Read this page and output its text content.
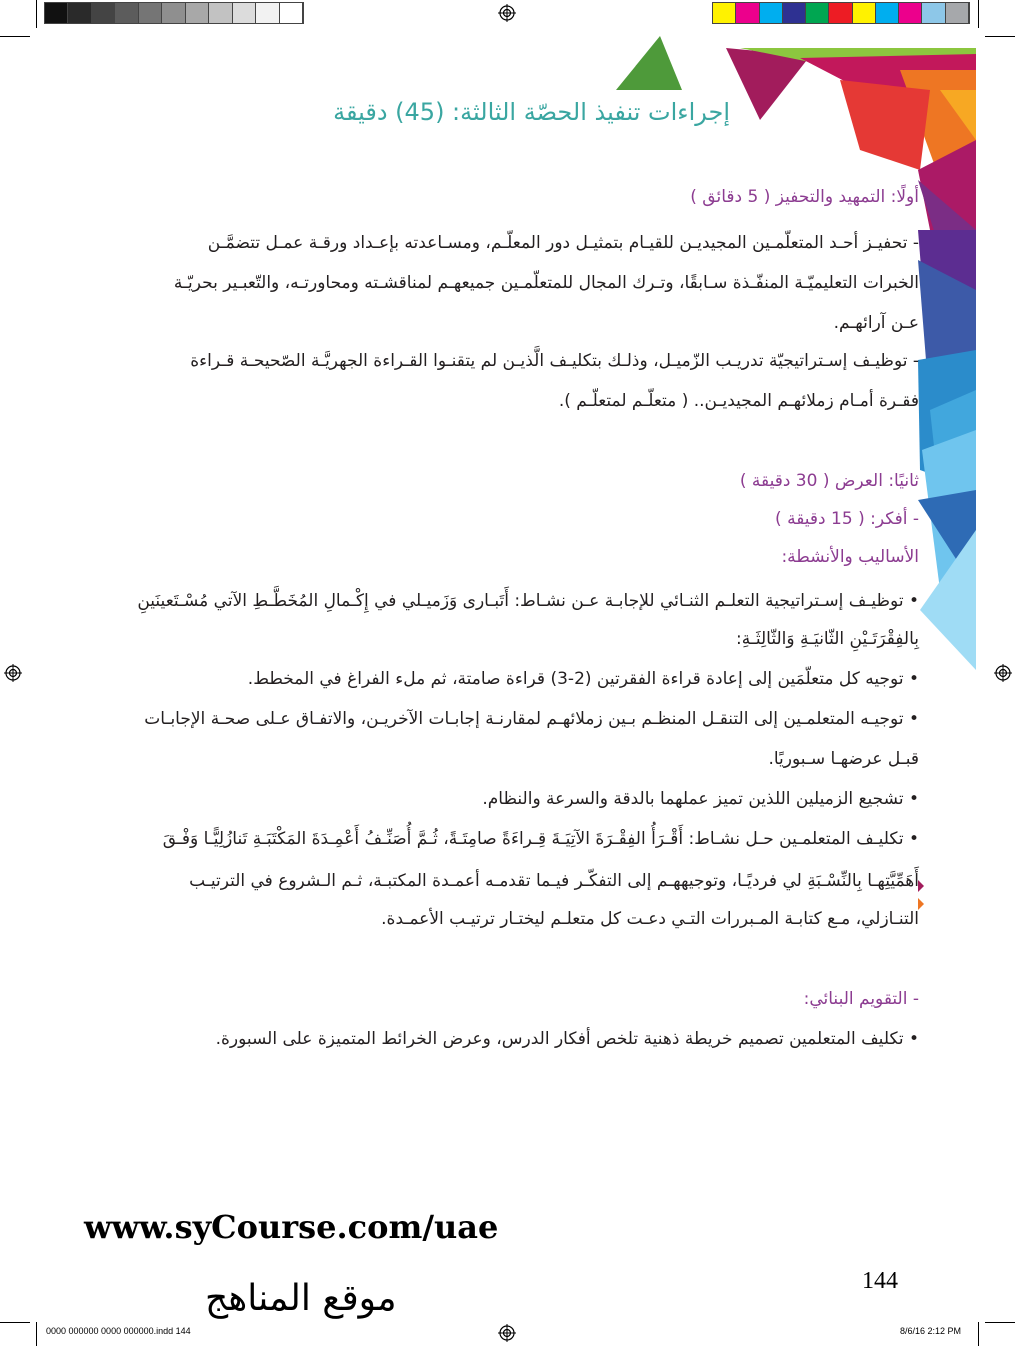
إجراءات تنفيذ الحصّة الثالثة: (45) دقيقة
أولًا: التمهيد والتحفيز ( 5 دقائق )
- تحفيـز أحـد المتعلّمـين المجيديـن للقيـام بتمثيـل دور المعلّـم، ومسـاعدته بإعـداد ورقـة عمـل تتضمَّـن
الخبرات التعليميّـة المنفّـذة سـابقًا، وتـرك المجال للمتعلّمـين جميعهـم لمناقشـته ومحاورتـه، والتّعبـير بحريّـة
عـن آرائهـم.
- توظيـف إسـتراتيجيّة تدريـب الزّميـل، وذلـك بتكليـف الَّذيـن لم يتقنـوا القـراءة الجهريَّـة الصّحيحـة قـراءة
فقـرة أمـام زملائهـم المجيديـن.. ( متعلّـم لمتعلّـم ).
ثانيًا: العرض ( 30 دقيقة )
- أفكر: ( 15 دقيقة )
الأساليب والأنشطة:
• توظيـف إسـتراتيجية التعلـم الثنـائي للإجابـة عـن نشـاط: أَتَبـارى وَزَميـلي في إِكْـمالِ المُخَطَّـطِ الآتي مُسْـتَعينَينِ
بِالفِقْرَتَـيْنِ الثّانيَـةِ وَالثّالِثَـةِ:
• توجيه كل متعلّمَين إلى إعادة قراءة الفقرتين (2-3) قراءة صامتة، ثم ملء الفراغ في المخطط.
• توجيـه المتعلمـين إلى التنقـل المنظـم بـين زملائهـم لمقارنـة إجابـات الآخريـن، والاتفـاق عـلى صحـة الإجابـات
قبـل عرضهـا سـبوريًا.
• تشجيع الزميلين اللذين تميز عملهما بالدقة والسرعة والنظام.
• تكليـف المتعلمـين حـل نشـاط: أَقْـرَأُ الفِقْـرَةَ الآتِيَـةَ قِـراءَةً صامِتَـةً، ثُـمَّ أُصَنِّـفُ أَعْمِـدَةَ المَكْتَبَـةِ تَنازُلِيًّـا وَفْـقَ
أَهَمِّيَّتِهـا بِالنِّسْـبَةِ لي فرديًـا، وتوجيههـم إلى التفكّـر فيـما تقدمـه أعمـدة المكتبـة، ثـم الـشروع في الترتيـب
التنـازلي، مـع كتابـة المـبررات التـي دعـت كل متعلـم ليختـار ترتيـب الأعمـدة.
- التقويم البنائي:
• تكليف المتعلمين تصميم خريطة ذهنية تلخص أفكار الدرس، وعرض الخرائط المتميزة على السبورة.
www.syCourse.com/uae
144
موقع المناهج
0000 000000 0000 000000.indd 144	8/6/16 2:12 PM
